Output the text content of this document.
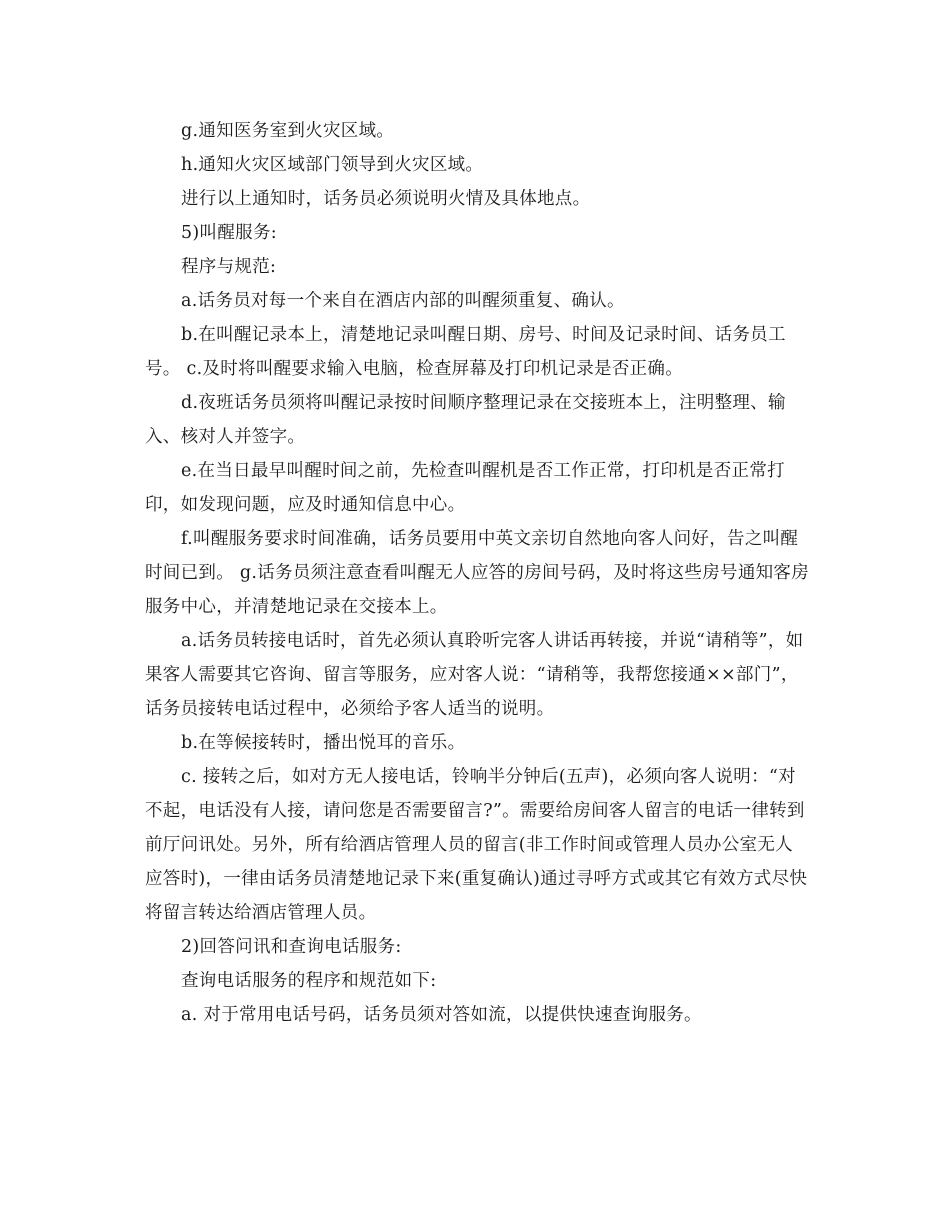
g.通知医务室到火灾区域。

h.通知火灾区域部门领导到火灾区域。

进行以上通知时，话务员必须说明火情及具体地点。

5)叫醒服务:

程序与规范:

a.话务员对每一个来自在酒店内部的叫醒须重复、确认。

b.在叫醒记录本上，清楚地记录叫醒日期、房号、时间及记录时间、话务员工号。 c.及时将叫醒要求输入电脑，检查屏幕及打印机记录是否正确。

d.夜班话务员须将叫醒记录按时间顺序整理记录在交接班本上，注明整理、输入、核对人并签字。

e.在当日最早叫醒时间之前，先检查叫醒机是否工作正常，打印机是否正常打印，如发现问题，应及时通知信息中心。

f.叫醒服务要求时间准确，话务员要用中英文亲切自然地向客人问好，告之叫醒时间已到。 g.话务员须注意查看叫醒无人应答的房间号码，及时将这些房号通知客房服务中心，并清楚地记录在交接本上。

a.话务员转接电话时，首先必须认真聆听完客人讲话再转接，并说“请稍等”，如果客人需要其它咨询、留言等服务，应对客人说：“请稍等，我帮您接通××部门”，话务员接转电话过程中，必须给予客人适当的说明。

b.在等候接转时，播出悦耳的音乐。

c. 接转之后，如对方无人接电话，铃响半分钟后(五声)，必须向客人说明：“对不起，电话没有人接，请问您是否需要留言?”。需要给房间客人留言的电话一律转到前厅问讯处。另外，所有给酒店管理人员的留言(非工作时间或管理人员办公室无人应答时)，一律由话务员清楚地记录下来(重复确认)通过寻呼方式或其它有效方式尽快将留言转达给酒店管理人员。

2)回答问讯和查询电话服务:

查询电话服务的程序和规范如下:

a. 对于常用电话号码，话务员须对答如流，以提供快速查询服务。
